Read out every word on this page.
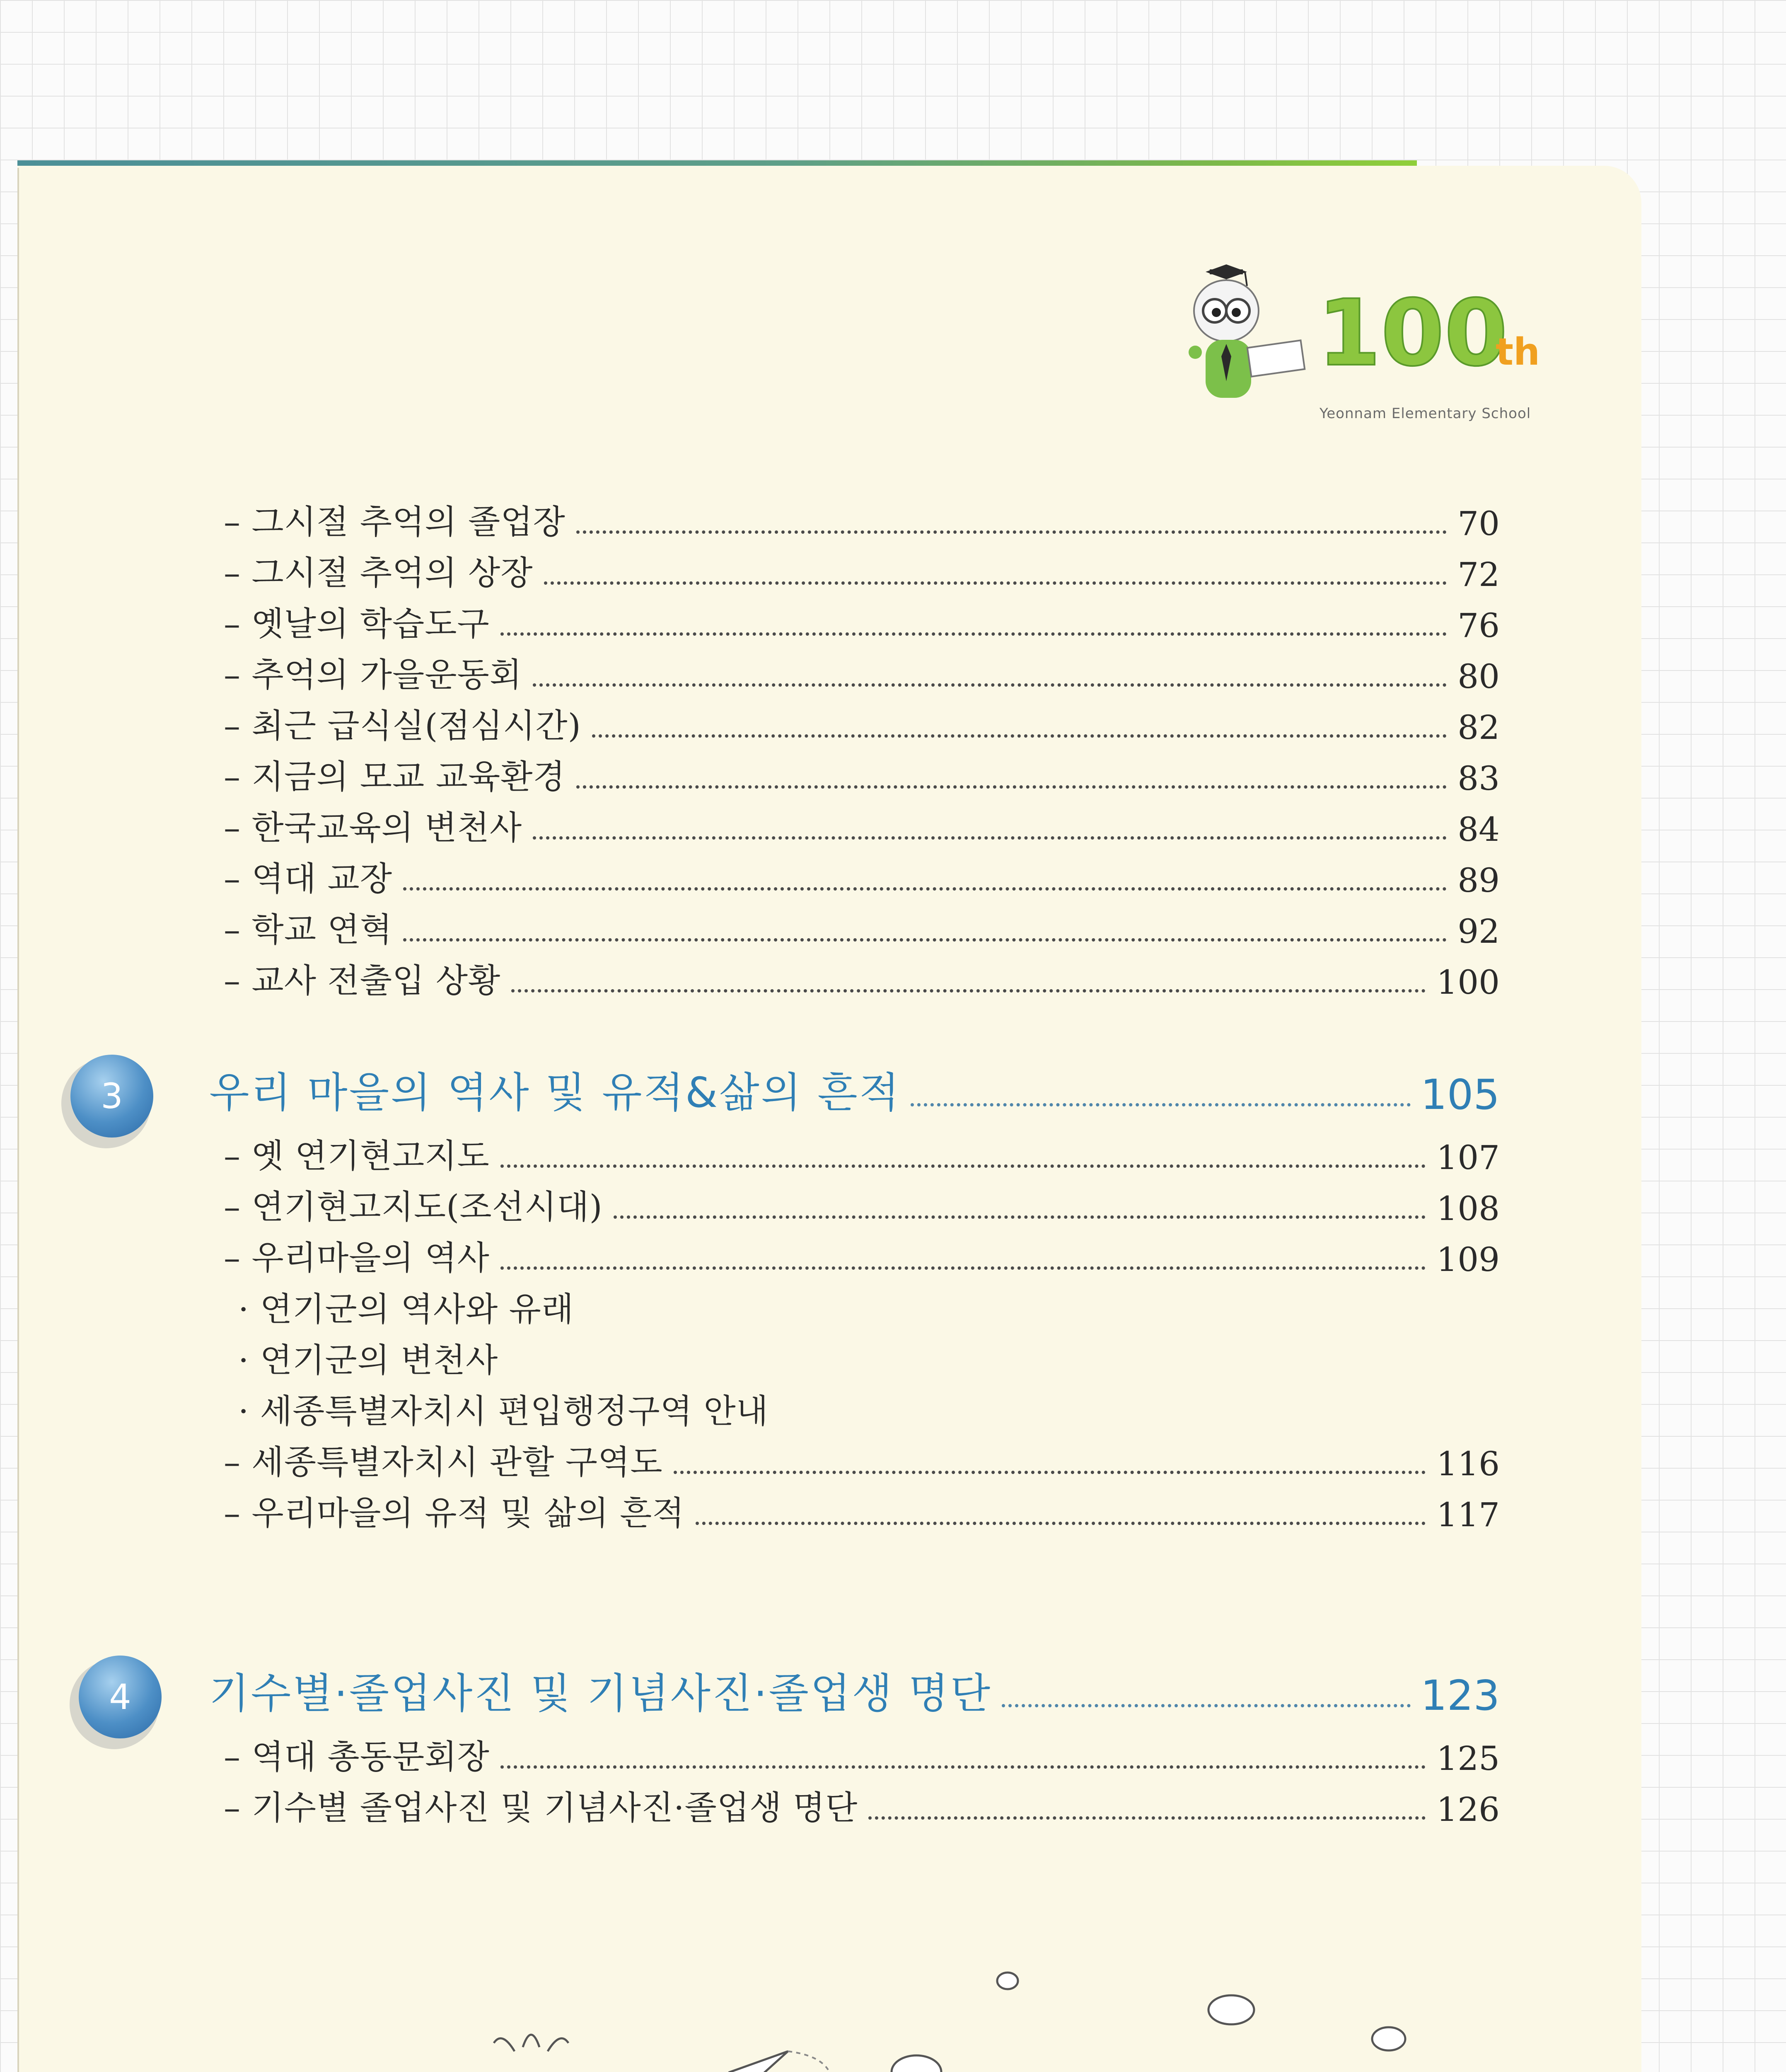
100
th
Yeonnam Elementary School
– 그시절 추억의 졸업장	70
– 그시절 추억의 상장	72
– 옛날의 학습도구	76
– 추억의 가을운동회	80
– 최근 급식실(점심시간)	82
– 지금의 모교 교육환경	83
– 한국교육의 변천사	84
– 역대 교장	89
– 학교 연혁	92
– 교사 전출입 상황	100
3	우리 마을의 역사 및 유적&삶의 흔적	105
– 옛 연기현고지도	107
– 연기현고지도(조선시대)	108
– 우리마을의 역사	109
· 연기군의 역사와 유래
· 연기군의 변천사
· 세종특별자치시 편입행정구역 안내
– 세종특별자치시 관할 구역도	116
– 우리마을의 유적 및 삶의 흔적	117
4	기수별·졸업사진 및 기념사진·졸업생 명단	123
– 역대 총동문회장	125
– 기수별 졸업사진 및 기념사진·졸업생 명단	126
